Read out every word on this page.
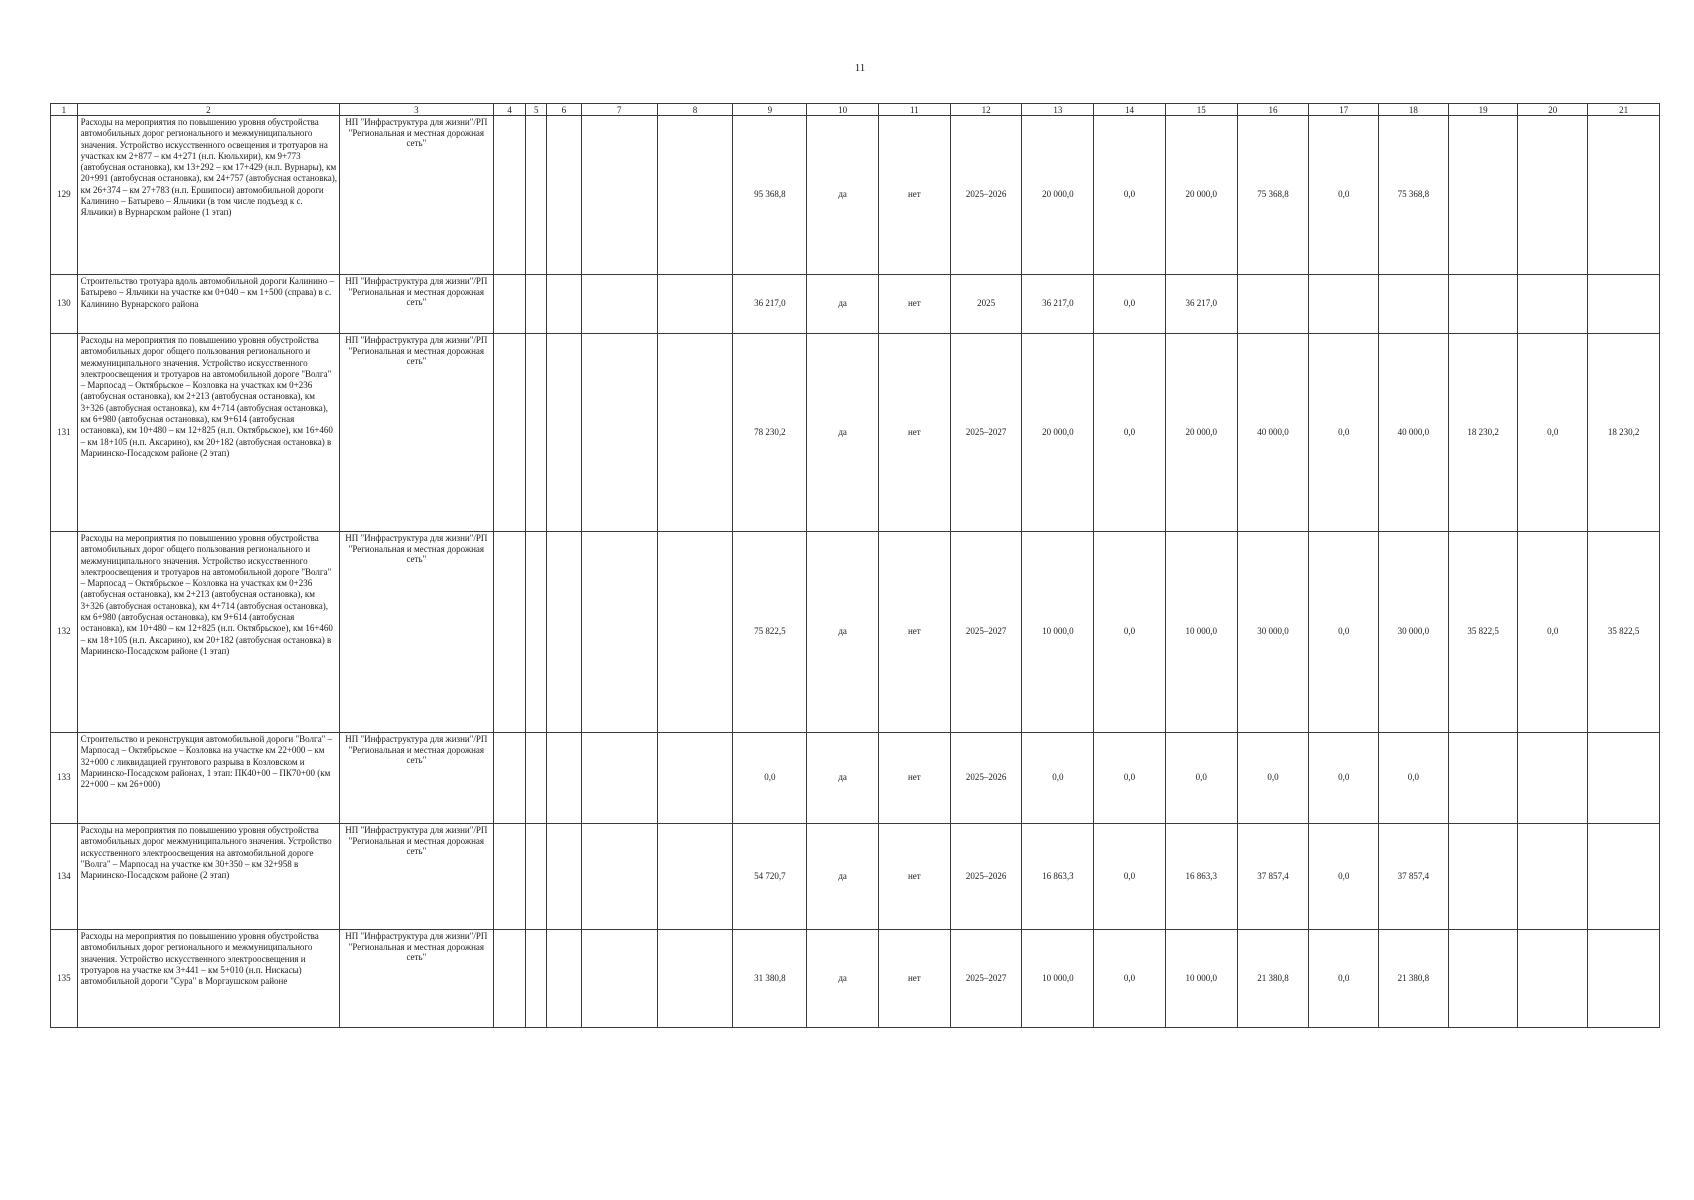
11
1	2	3	4	5	6	7	8	9	10	11	12	13	14	15	16	17	18	19	20	21
129	Расходы на мероприятия по повышению уровня обустройства автомобильных дорог регионального и межмуниципального значения. Устройство искусственного освещения и тротуаров на участках км 2+877 – км 4+271 (н.п. Кюльхири), км 9+773 (автобусная остановка), км 13+292 – км 17+429 (н.п. Вурнары), км 20+991 (автобусная остановка), км 24+757 (автобусная остановка), км 26+374 – км 27+783 (н.п. Ершипоси) автомобильной дороги Калинино – Батырево – Яльчики (в том числе подъезд к с. Яльчики) в Вурнарском районе (1 этап)	НП "Инфраструктура для жизни"/РП "Региональная и местная дорожная сеть"						95 368,8	да	нет	2025–2026	20 000,0	0,0	20 000,0	75 368,8	0,0	75 368,8			
130	Строительство тротуара вдоль автомобильной дороги Калинино – Батырево – Яльчики на участке км 0+040 – км 1+500 (справа) в с. Калинино Вурнарского района	НП "Инфраструктура для жизни"/РП "Региональная и местная дорожная сеть"						36 217,0	да	нет	2025	36 217,0	0,0	36 217,0						
131	Расходы на мероприятия по повышению уровня обустройства автомобильных дорог общего пользования регионального и межмуниципального значения. Устройство искусственного электроосвещения и тротуаров на автомобильной дороге "Волга" – Марпосад – Октябрьское – Козловка на участках км 0+236 (автобусная остановка), км 2+213 (автобусная остановка), км 3+326 (автобусная остановка), км 4+714 (автобусная остановка), км 6+980 (автобусная остановка), км 9+614 (автобусная остановка), км 10+480 – км 12+825 (н.п. Октябрьское), км 16+460 – км 18+105 (н.п. Аксарино), км 20+182 (автобусная остановка) в Мариинско-Посадском районе (2 этап)	НП "Инфраструктура для жизни"/РП "Региональная и местная дорожная сеть"						78 230,2	да	нет	2025–2027	20 000,0	0,0	20 000,0	40 000,0	0,0	40 000,0	18 230,2	0,0	18 230,2
132	Расходы на мероприятия по повышению уровня обустройства автомобильных дорог общего пользования регионального и межмуниципального значения. Устройство искусственного электроосвещения и тротуаров на автомобильной дороге "Волга" – Марпосад – Октябрьское – Козловка на участках км 0+236 (автобусная остановка), км 2+213 (автобусная остановка), км 3+326 (автобусная остановка), км 4+714 (автобусная остановка), км 6+980 (автобусная остановка), км 9+614 (автобусная остановка), км 10+480 – км 12+825 (н.п. Октябрьское), км 16+460 – км 18+105 (н.п. Аксарино), км 20+182 (автобусная остановка) в Мариинско-Посадском районе (1 этап)	НП "Инфраструктура для жизни"/РП "Региональная и местная дорожная сеть"						75 822,5	да	нет	2025–2027	10 000,0	0,0	10 000,0	30 000,0	0,0	30 000,0	35 822,5	0,0	35 822,5
133	Строительство и реконструкция автомобильной дороги "Волга" – Марпосад – Октябрьское – Козловка на участке км 22+000 – км 32+000 с ликвидацией грунтового разрыва в Козловском и Мариинско-Посадском районах, 1 этап: ПК40+00 – ПК70+00 (км 22+000 – км 26+000)	НП "Инфраструктура для жизни"/РП "Региональная и местная дорожная сеть"						0,0	да	нет	2025–2026	0,0	0,0	0,0	0,0	0,0	0,0			
134	Расходы на мероприятия по повышению уровня обустройства автомобильных дорог межмуниципального значения. Устройство искусственного электроосвещения на автомобильной дороге "Волга" – Марпосад на участке км 30+350 – км 32+958 в Мариинско-Посадском районе (2 этап)	НП "Инфраструктура для жизни"/РП "Региональная и местная дорожная сеть"						54 720,7	да	нет	2025–2026	16 863,3	0,0	16 863,3	37 857,4	0,0	37 857,4			
135	Расходы на мероприятия по повышению уровня обустройства автомобильных дорог регионального и межмуниципального значения. Устройство искусственного электроосвещения и тротуаров на участке км 3+441 – км 5+010 (н.п. Нискасы) автомобильной дороги "Сура" в Моргаушском районе	НП "Инфраструктура для жизни"/РП "Региональная и местная дорожная сеть"						31 380,8	да	нет	2025–2027	10 000,0	0,0	10 000,0	21 380,8	0,0	21 380,8			
